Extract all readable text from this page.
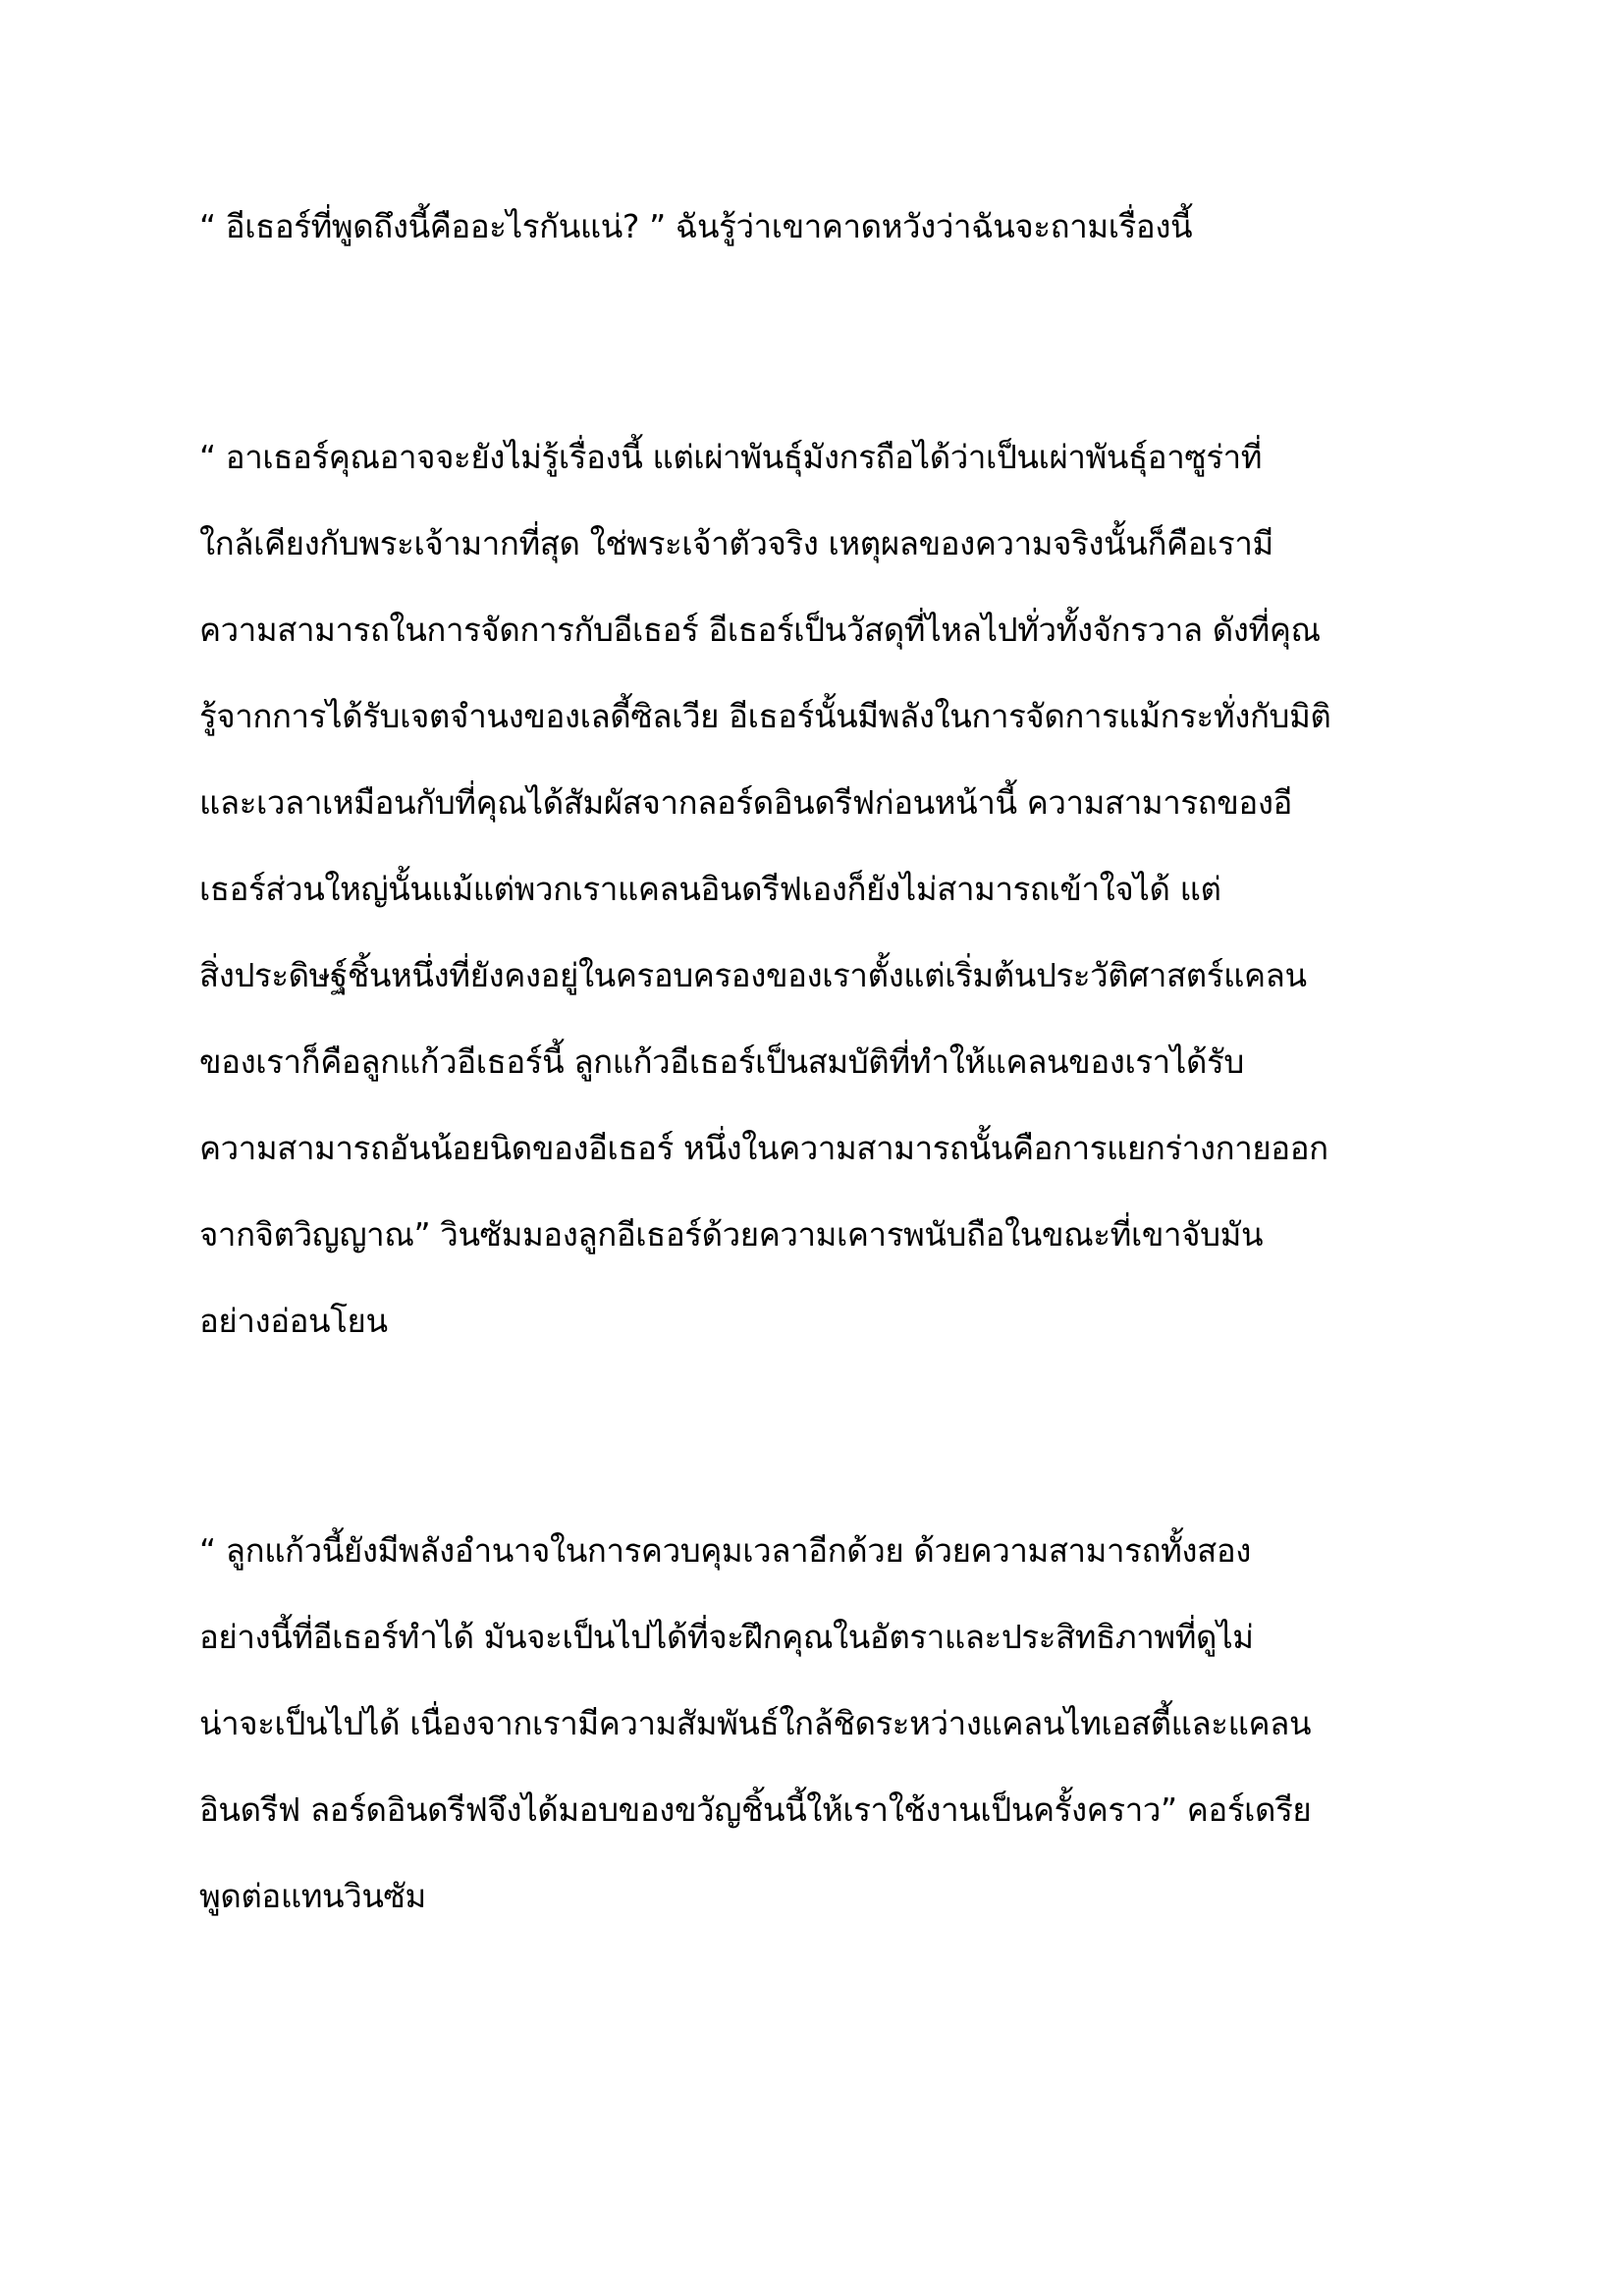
“ อีเธอร์ที่พูดถึงนี้คืออะไรกันแน่? ” ฉันรู้ว่าเขาคาดหวังว่าฉันจะถามเรื่องนี้

“ อาเธอร์คุณอาจจะยังไม่รู้เรื่องนี้ แต่เผ่าพันธุ์มังกรถือได้ว่าเป็นเผ่าพันธุ์อาซูร่าที่

ใกล้เคียงกับพระเจ้ามากที่สุด ใช่พระเจ้าตัวจริง เหตุผลของความจริงนั้นก็คือเรามี

ความสามารถในการจัดการกับอีเธอร์ อีเธอร์เป็นวัสดุที่ไหลไปทั่วทั้งจักรวาล ดังที่คุณ

รู้จากการได้รับเจตจำนงของเลดี้ซิลเวีย อีเธอร์นั้นมีพลังในการจัดการแม้กระทั่งกับมิติ

และเวลาเหมือนกับที่คุณได้สัมผัสจากลอร์ดอินดรีฟก่อนหน้านี้ ความสามารถของอี

เธอร์ส่วนใหญ่นั้นแม้แต่พวกเราแคลนอินดรีฟเองก็ยังไม่สามารถเข้าใจได้ แต่

สิ่งประดิษฐ์ชิ้นหนึ่งที่ยังคงอยู่ในครอบครองของเราตั้งแต่เริ่มต้นประวัติศาสตร์แคลน

ของเราก็คือลูกแก้วอีเธอร์นี้ ลูกแก้วอีเธอร์เป็นสมบัติที่ทำให้แคลนของเราได้รับ

ความสามารถอันน้อยนิดของอีเธอร์ หนึ่งในความสามารถนั้นคือการแยกร่างกายออก

จากจิตวิญญาณ” วินซัมมองลูกอีเธอร์ด้วยความเคารพนับถือในขณะที่เขาจับมัน

อย่างอ่อนโยน

“ ลูกแก้วนี้ยังมีพลังอำนาจในการควบคุมเวลาอีกด้วย ด้วยความสามารถทั้งสอง

อย่างนี้ที่อีเธอร์ทำได้ มันจะเป็นไปได้ที่จะฝึกคุณในอัตราและประสิทธิภาพที่ดูไม่

น่าจะเป็นไปได้ เนื่องจากเรามีความสัมพันธ์ใกล้ชิดระหว่างแคลนไทเอสตี้และแคลน

อินดรีฟ ลอร์ดอินดรีฟจึงได้มอบของขวัญชิ้นนี้ให้เราใช้งานเป็นครั้งคราว” คอร์เดรีย

พูดต่อแทนวินซัม
